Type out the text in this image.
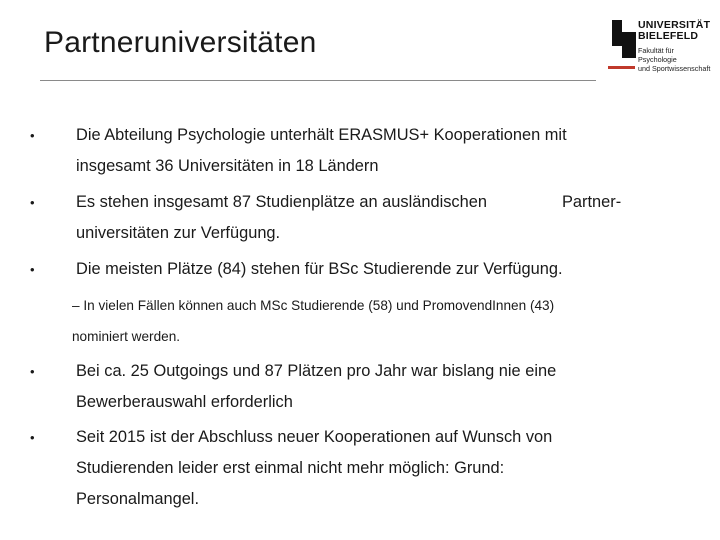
Partneruniversitäten
UNIVERSITÄT
BIELEFELD
Fakultät für Psychologie
und Sportwissenschaft
•	Die Abteilung Psychologie unterhält ERASMUS+ Kooperationen mit
insgesamt 36 Universitäten in 18 Ländern
•	Es stehen insgesamt 87 Studienplätze an ausländischen
universitäten zur Verfügung.
Partner-
•	Die meisten Plätze (84) stehen für BSc Studierende zur Verfügung.
– In vielen Fällen können auch MSc Studierende (58) und PromovendInnen (43)
nominiert werden.
•	Bei ca. 25 Outgoings und 87 Plätzen pro Jahr war bislang nie eine
Bewerberauswahl erforderlich
•	Seit 2015 ist der Abschluss neuer Kooperationen auf Wunsch von
Studierenden leider erst einmal nicht mehr möglich: Grund:
Personalmangel.
